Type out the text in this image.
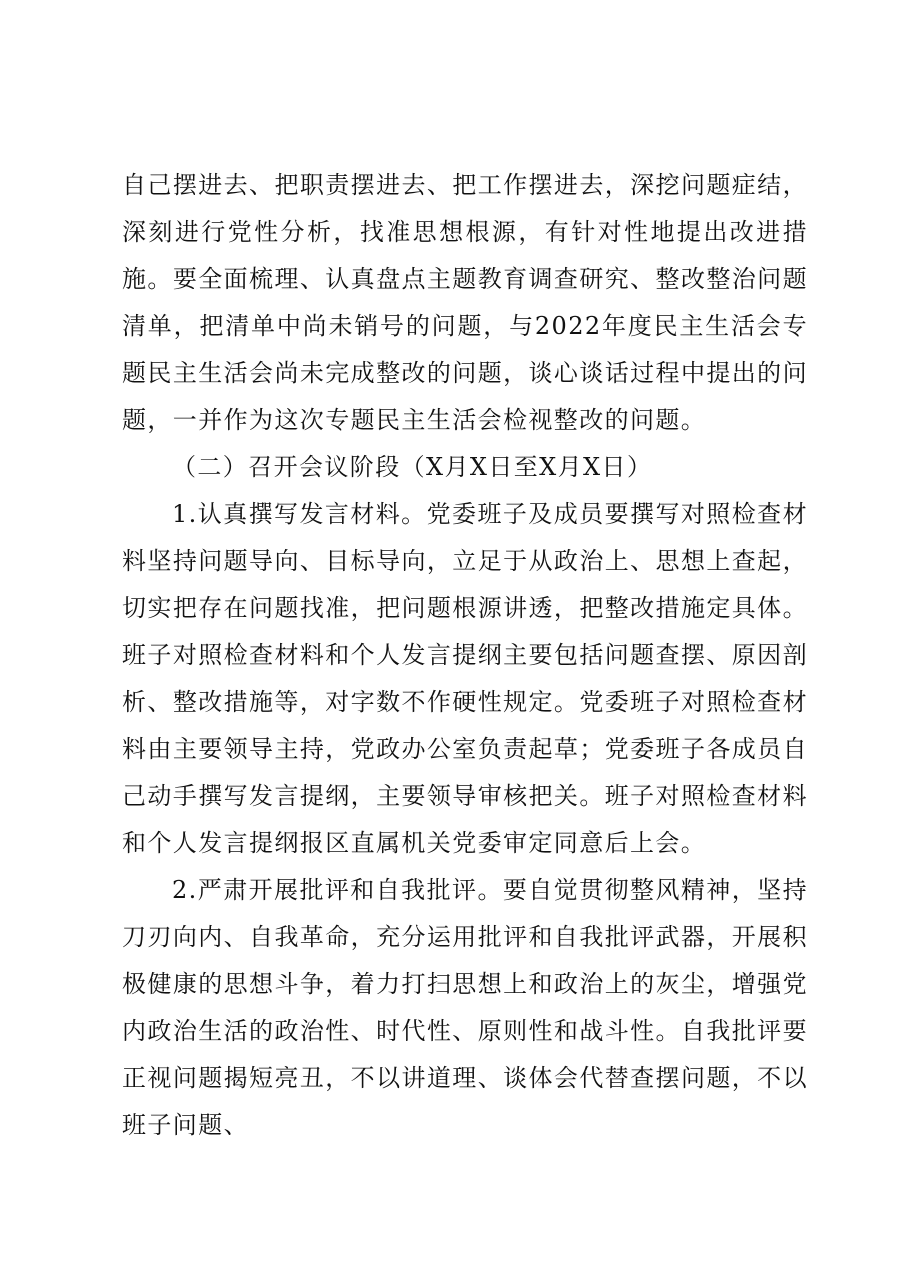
自己摆进去、把职责摆进去、把工作摆进去，深挖问题症结，深刻进行党性分析，找准思想根源，有针对性地提出改进措施。要全面梳理、认真盘点主题教育调查研究、整改整治问题清单，把清单中尚未销号的问题，与2022年度民主生活会专题民主生活会尚未完成整改的问题，谈心谈话过程中提出的问题，一并作为这次专题民主生活会检视整改的问题。

（二）召开会议阶段（X月X日至X月X日）

1.认真撰写发言材料。党委班子及成员要撰写对照检查材料坚持问题导向、目标导向，立足于从政治上、思想上查起，切实把存在问题找准，把问题根源讲透，把整改措施定具体。班子对照检查材料和个人发言提纲主要包括问题查摆、原因剖析、整改措施等，对字数不作硬性规定。党委班子对照检查材料由主要领导主持，党政办公室负责起草；党委班子各成员自己动手撰写发言提纲，主要领导审核把关。班子对照检查材料和个人发言提纲报区直属机关党委审定同意后上会。

2.严肃开展批评和自我批评。要自觉贯彻整风精神，坚持刀刃向内、自我革命，充分运用批评和自我批评武器，开展积极健康的思想斗争，着力打扫思想上和政治上的灰尘，增强党内政治生活的政治性、时代性、原则性和战斗性。自我批评要正视问题揭短亮丑，不以讲道理、谈体会代替查摆问题，不以班子问题、
